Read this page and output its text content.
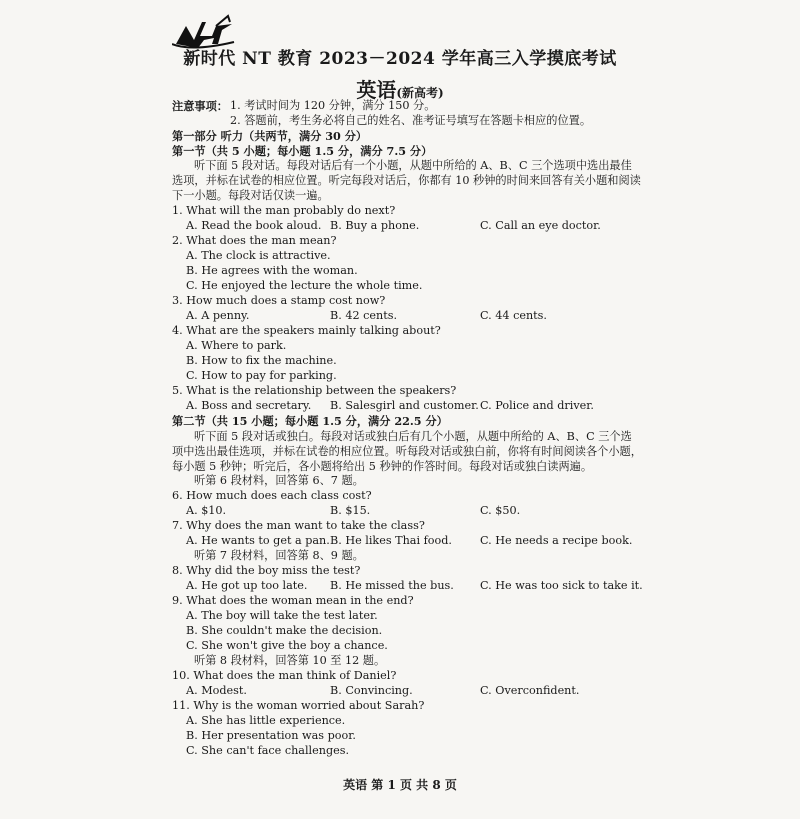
新时代 NT 教育 2023－2024 学年高三入学摸底考试
英语(新高考)
注意事项： 1. 考试时间为 120 分钟，满分 150 分。
2. 答题前，考生务必将自己的姓名、准考证号填写在答题卡相应的位置。
第一部分 听力（共两节，满分 30 分）
第一节（共 5 小题；每小题 1.5 分，满分 7.5 分）
听下面 5 段对话。每段对话后有一个小题，从题中所给的 A、B、C 三个选项中选出最佳选项，并标在试卷的相应位置。听完每段对话后，你都有 10 秒钟的时间来回答有关小题和阅读下一小题。每段对话仅读一遍。
1. What will the man probably do next?
A. Read the book aloud. B. Buy a phone.	C. Call an eye doctor.
2. What does the man mean?
A. The clock is attractive.
B. He agrees with the woman.
C. He enjoyed the lecture the whole time.
3. How much does a stamp cost now?
A. A penny.	B. 42 cents.	C. 44 cents.
4. What are the speakers mainly talking about?
A. Where to park.
B. How to fix the machine.
C. How to pay for parking.
5. What is the relationship between the speakers?
A. Boss and secretary. B. Salesgirl and customer. C. Police and driver.
第二节（共 15 小题；每小题 1.5 分，满分 22.5 分）
听下面 5 段对话或独白。每段对话或独白后有几个小题，从题中所给的 A、B、C 三个选项中选出最佳选项，并标在试卷的相应位置。听每段对话或独白前，你将有时间阅读各个小题，每小题 5 秒钟；听完后，各小题将给出 5 秒钟的作答时间。每段对话或独白读两遍。
听第 6 段材料，回答第 6、7 题。
6. How much does each class cost?
A. $10.	B. $15.	C. $50.
7. Why does the man want to take the class?
A. He wants to get a pan. B. He likes Thai food.	C. He needs a recipe book.
听第 7 段材料，回答第 8、9 题。
8. Why did the boy miss the test?
A. He got up too late. B. He missed the bus. C. He was too sick to take it.
9. What does the woman mean in the end?
A. The boy will take the test later.
B. She couldn't make the decision.
C. She won't give the boy a chance.
听第 8 段材料，回答第 10 至 12 题。
10. What does the man think of Daniel?
A. Modest.	B. Convincing.	C. Overconfident.
11. Why is the woman worried about Sarah?
A. She has little experience.
B. Her presentation was poor.
C. She can't face challenges.
英语 第 1 页 共 8 页
